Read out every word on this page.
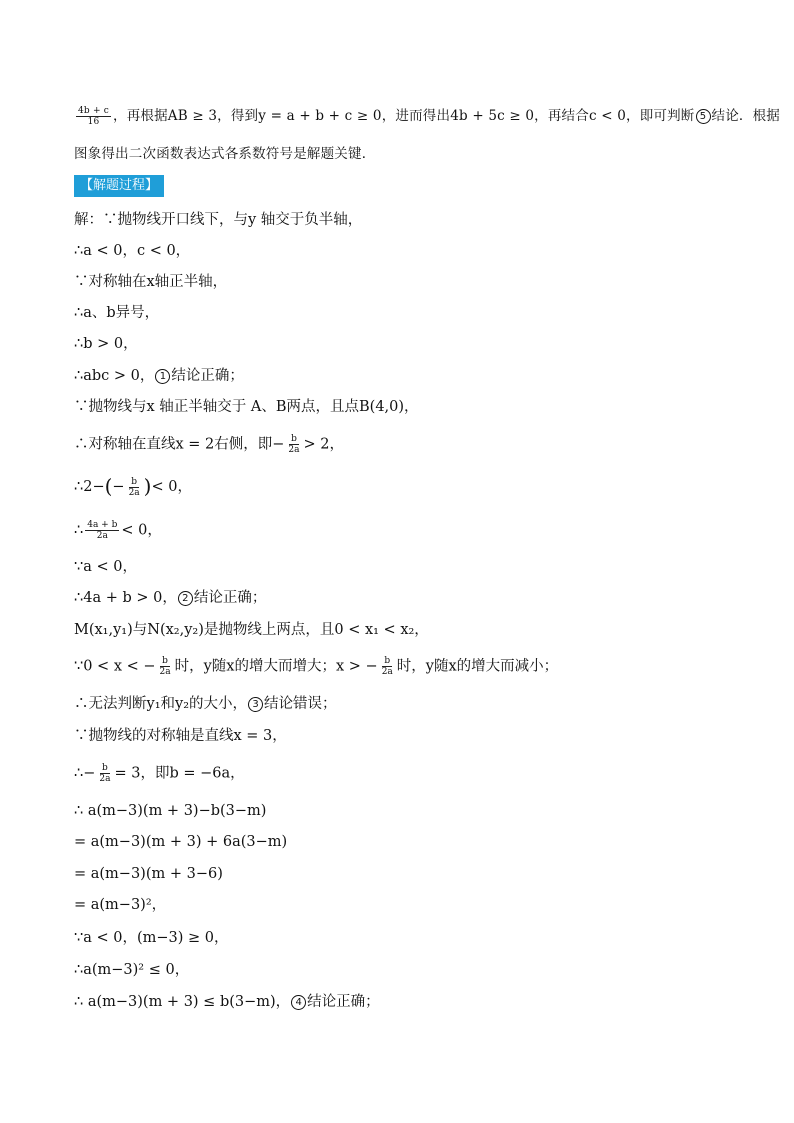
$\frac{4b + c}{16}$ ，再根据AB ≥ 3，得到y = a + b + c ≥ 0，进而得出4b + 5c ≥ 0，再结合c < 0，即可判断 5 结论．根据
图象得出二次函数表达式各系数符号是解题关键．
【解题过程】
解：∵抛物线开口线下，与y 轴交于负半轴，
∴a < 0，c < 0，
∵对称轴在x轴正半轴，
∴a、b异号，
∴b > 0，
∴abc > 0， 1 结论正确；
∵抛物线与x 轴正半轴交于 A、B两点，且点B(4,0)，
∴对称轴在直线x = 2右侧，即− $\frac{b}{2a} > 2$，
∴2−(− $\frac{b}{2a}$ )< 0，
∴ $\frac{4a + b}{2a} < 0$，
∵a < 0，
∴4a + b > 0， 2 结论正确；
M(x₁,y₁)与N(x₂,y₂)是抛物线上两点，且0 < x₁ < x₂，
∵0 < x < − $\frac{b}{2a}$ 时，y随x的增大而增大；x > − $\frac{b}{2a}$ 时，y随x的增大而减小；
∴无法判断y₁和y₂的大小， 3 结论错误；
∵抛物线的对称轴是直线x = 3，
∴− $\frac{b}{2a} = 3$，即b = −6a，
∴ a(m−3)(m + 3)−b(3−m)
= a(m−3)(m + 3) + 6a(3−m)
= a(m−3)(m + 3−6)
= a(m−3)²，
∵a < 0，(m−3) ≥ 0，
∴a(m−3)² ≤ 0，
∴ a(m−3)(m + 3) ≤ b(3−m)， 4 结论正确；
